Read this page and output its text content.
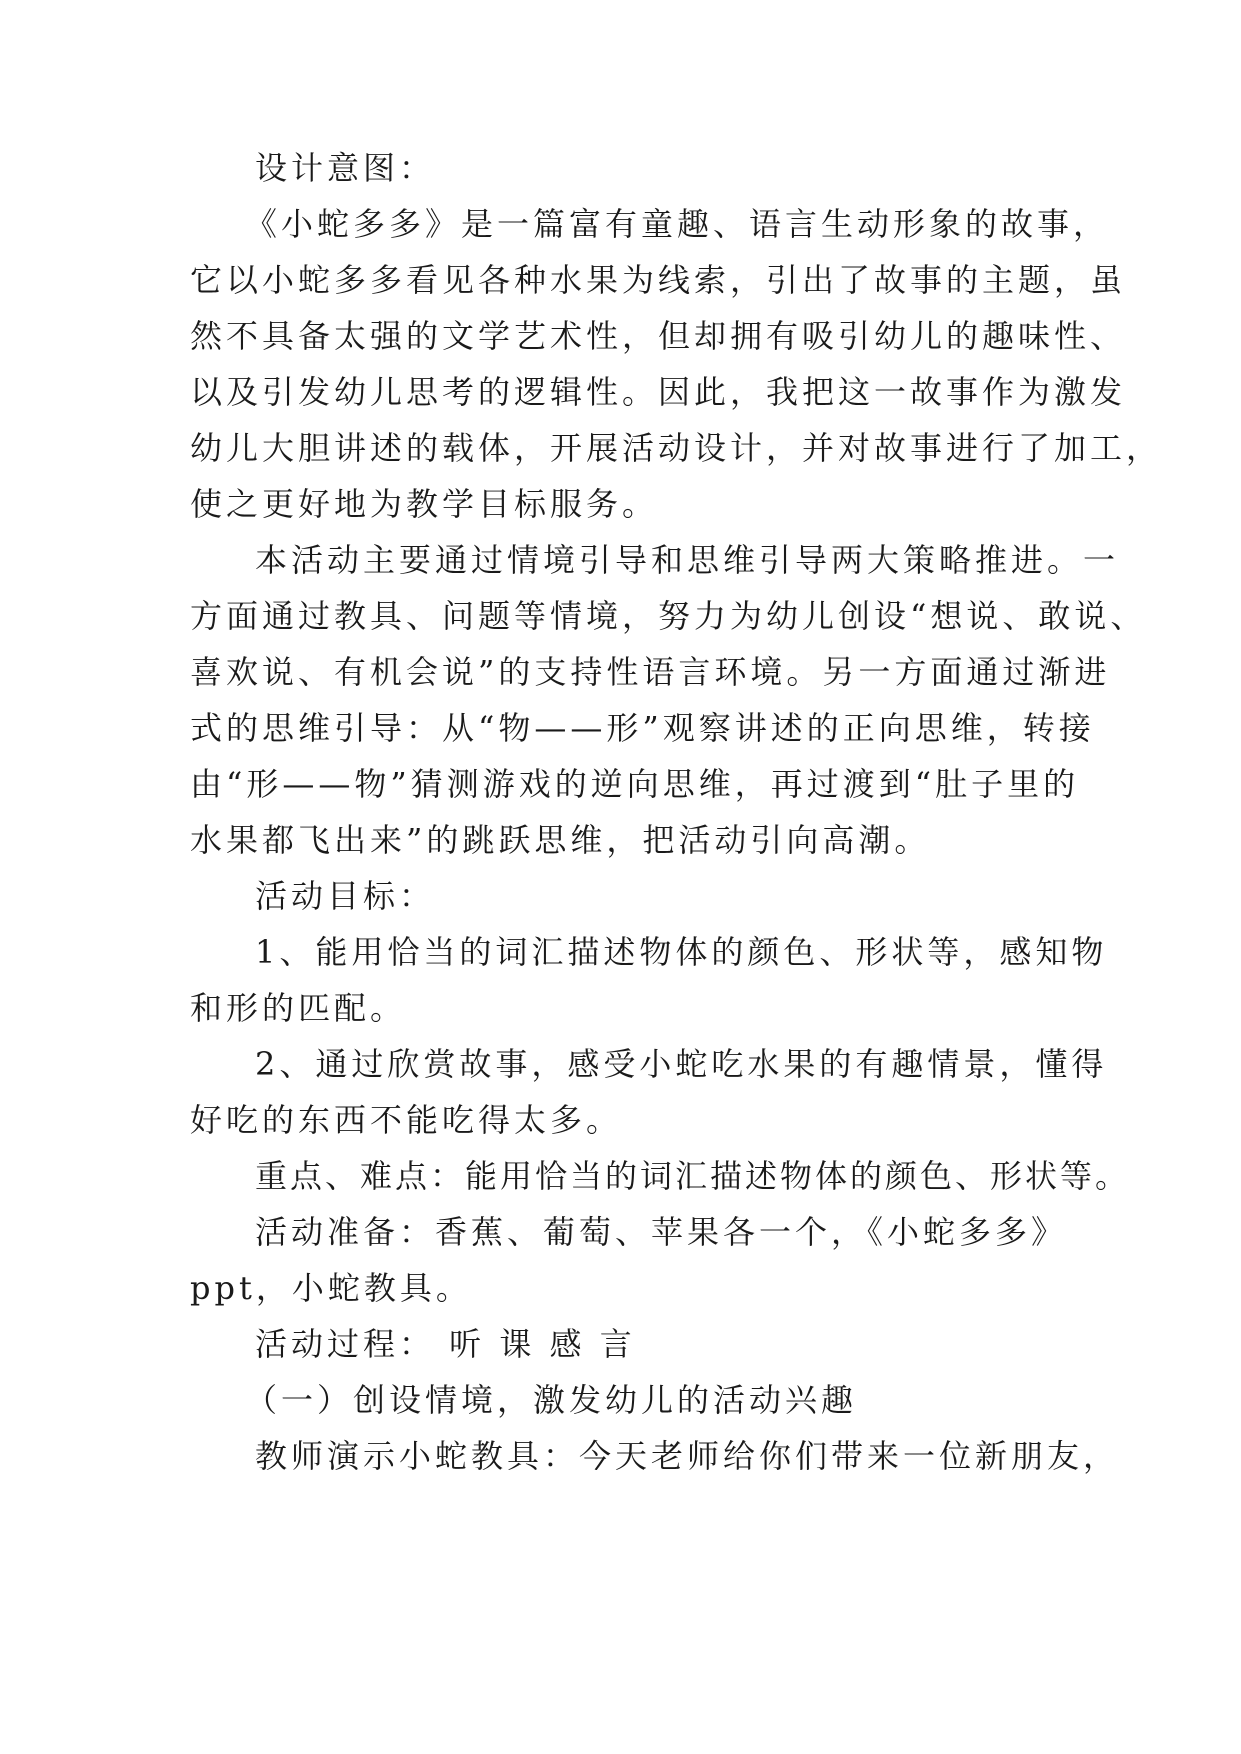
设计意图：
《小蛇多多》是一篇富有童趣、语言生动形象的故事，
它以小蛇多多看见各种水果为线索，引出了故事的主题，虽
然不具备太强的文学艺术性，但却拥有吸引幼儿的趣味性、
以及引发幼儿思考的逻辑性。因此，我把这一故事作为激发
幼儿大胆讲述的载体，开展活动设计，并对故事进行了加工，
使之更好地为教学目标服务。
本活动主要通过情境引导和思维引导两大策略推进。一
方面通过教具、问题等情境，努力为幼儿创设“想说、敢说、
喜欢说、有机会说”的支持性语言环境。另一方面通过渐进
式的思维引导：从“物——形”观察讲述的正向思维，转接
由“形——物”猜测游戏的逆向思维，再过渡到“肚子里的
水果都飞出来”的跳跃思维，把活动引向高潮。
活动目标：
1、能用恰当的词汇描述物体的颜色、形状等，感知物
和形的匹配。
2、通过欣赏故事，感受小蛇吃水果的有趣情景，懂得
好吃的东西不能吃得太多。
重点、难点：能用恰当的词汇描述物体的颜色、形状等。
活动准备：香蕉、葡萄、苹果各一个，《小蛇多多》
ppt，小蛇教具。
活动过程： 听 课 感 言
（一）创设情境，激发幼儿的活动兴趣
教师演示小蛇教具：今天老师给你们带来一位新朋友，
